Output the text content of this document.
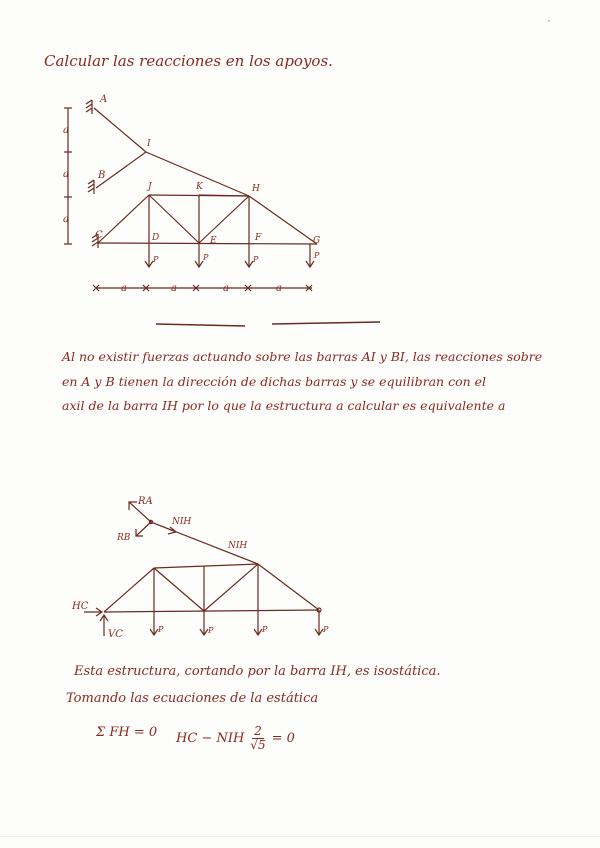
Calcular las reacciones en los apoyos.
A
I
B
J	K	H
C	D	E	F	G
P	P	P	P
a
a
a
a	a	a	a
Al no existir fuerzas actuando sobre las barras AI y BI, las reacciones sobre
en A y B tienen la dirección de dichas barras y se equilibran con el
axil de la barra IH por lo que la estructura a calcular es equivalente a
RA
RB
NIH
NIH
HC
VC	P	P	P	P
Esta estructura, cortando por la barra IH, es isostática.
Tomando las ecuaciones de la estática
Σ FH = 0 HC − NIH $\frac{2}{√5} = 0$
